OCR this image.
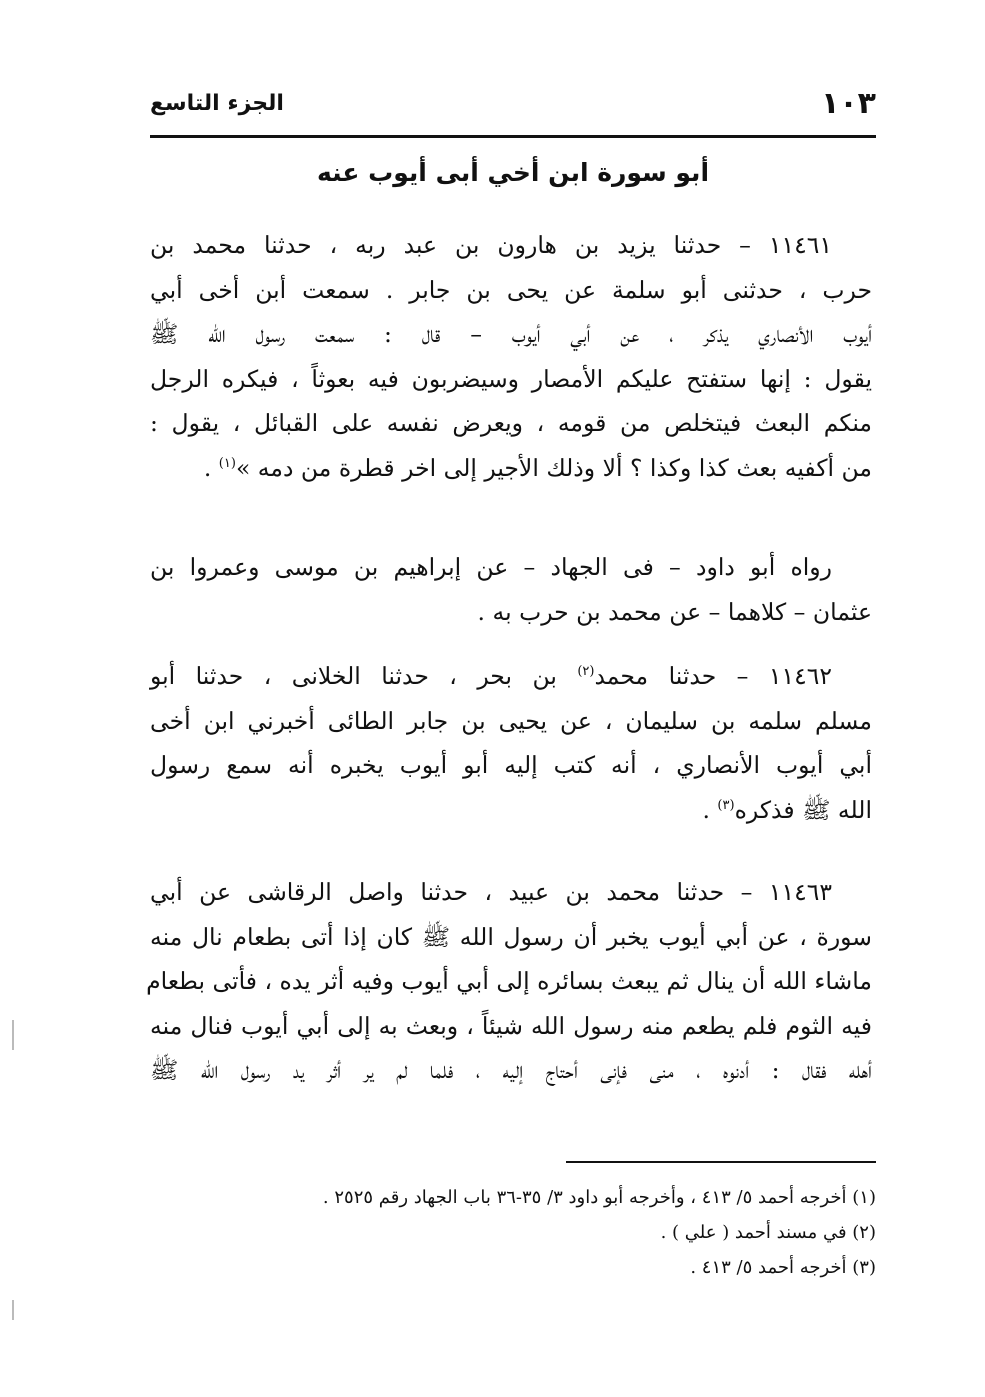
١٠٣
الجزء التاسع
أبو سورة ابن أخي أبى أيوب عنه
١١٤٦١ – حدثنا يزيد بن هارون بن عبد ربه ، حدثنا محمد بن
حرب ، حدثنى أبو سلمة عن يحى بن جابر . سمعت أبن أخى أبي
أيوب الأنصاري يذكر ، عن أبي أيوب – قال : سمعت رسول الله ﷺ
يقول : إنها ستفتح عليكم الأمصار وسيضربون فيه بعوثاً ، فيكره الرجل
منكم البعث فيتخلص من قومه ، ويعرض نفسه على القبائل ، يقول :
من أكفيه بعث كذا وكذا ؟ ألا وذلك الأجير إلى اخر قطرة من دمه »$^{(١)}$ .
رواه أبو داود – فى الجهاد – عن إبراهيم بن موسى وعمروا بن
عثمان – كلاهما – عن محمد بن حرب به .
١١٤٦٢ – حدثنا محمد$^{(٢)}$ بن بحر ، حدثنا الخلانى ، حدثنا أبو
مسلم سلمه بن سليمان ، عن يحيى بن جابر الطائى أخبرني ابن أخى
أبي أيوب الأنصاري ، أنه كتب إليه أبو أيوب يخبره أنه سمع رسول
الله ﷺ فذكره$^{(٣)}$ .
١١٤٦٣ – حدثنا محمد بن عبيد ، حدثنا واصل الرقاشى عن أبي
سورة ، عن أبي أيوب يخبر أن رسول الله ﷺ كان إذا أتى بطعام نال منه
ماشاء الله أن ينال ثم يبعث بسائره إلى أبي أيوب وفيه أثر يده ، فأتى بطعام
فيه الثوم فلم يطعم منه رسول الله شيئاً ، وبعث به إلى أبي أيوب فنال منه
أهله فقال : أدنوه ، منى فإنى أحتاج إليه ، فلما لم ير أثر يد رسول الله ﷺ
(١) أخرجه أحمد ٥/ ٤١٣ ، وأخرجه أبو داود ٣/ ٣٥-٣٦ باب الجهاد رقم ٢٥٢٥ .
(٢) في مسند أحمد ( علي ) .
(٣) أخرجه أحمد ٥/ ٤١٣ .
